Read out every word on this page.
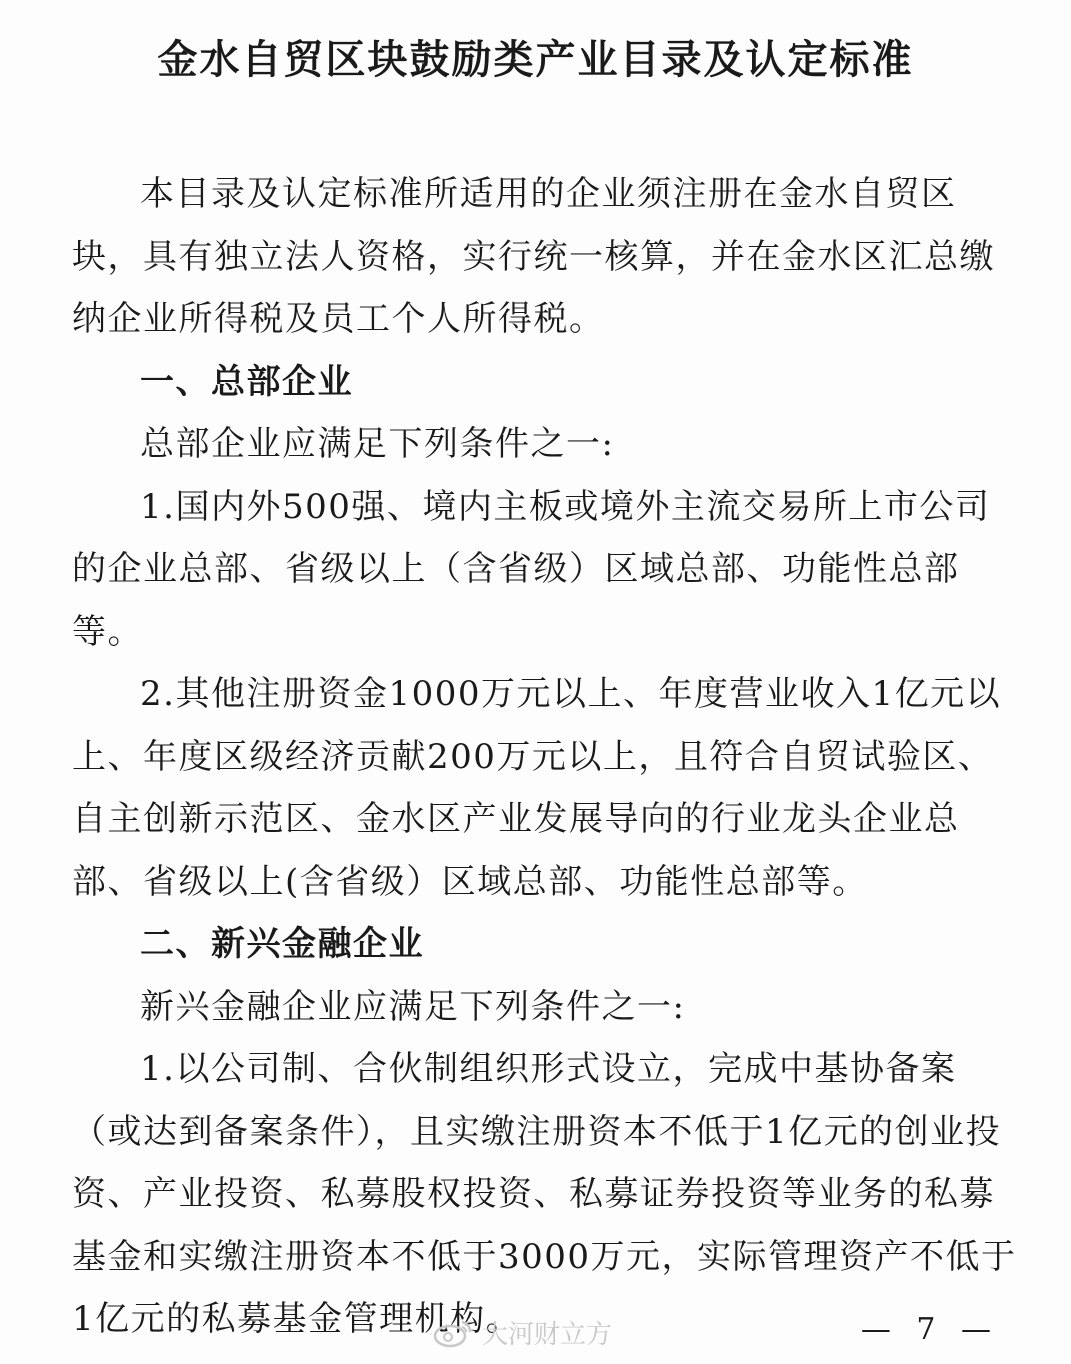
金水自贸区块鼓励类产业目录及认定标准

本目录及认定标准所适用的企业须注册在金水自贸区块，具有独立法人资格，实行统一核算，并在金水区汇总缴纳企业所得税及员工个人所得税。

一、总部企业

总部企业应满足下列条件之一:

1.国内外500强、境内主板或境外主流交易所上市公司的企业总部、省级以上（含省级）区域总部、功能性总部等。

2.其他注册资金1000万元以上、年度营业收入1亿元以上、年度区级经济贡献200万元以上，且符合自贸试验区、自主创新示范区、金水区产业发展导向的行业龙头企业总部、省级以上(含省级）区域总部、功能性总部等。

二、新兴金融企业

新兴金融企业应满足下列条件之一:

1.以公司制、合伙制组织形式设立，完成中基协备案（或达到备案条件），且实缴注册资本不低于1亿元的创业投资、产业投资、私募股权投资、私募证券投资等业务的私募基金和实缴注册资本不低于3000万元，实际管理资产不低于1亿元的私募基金管理机构。

大河财立方	— 7 —
